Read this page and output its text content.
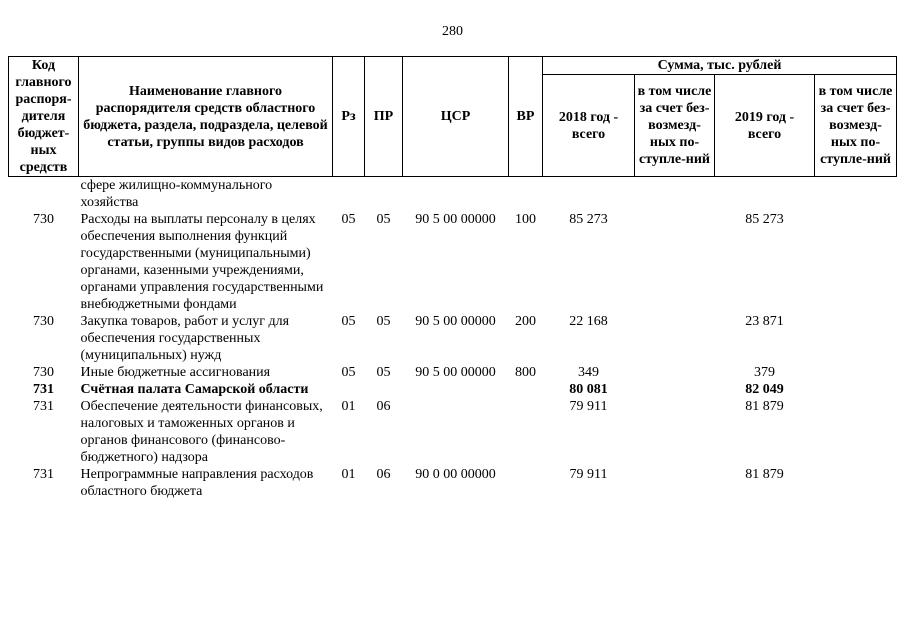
280
Код главного распоря-дителя бюджет-ных средств	Наименование главного распорядителя средств областного бюджета, раздела, подраздела, целевой статьи, группы видов расходов	Рз	ПР	ЦСР	ВР	Сумма, тыс. рублей			
						2018 год - всего	в том числе за счет без-возмезд-ных по-ступле-ний	2019 год - всего	в том числе за счет без-возмезд-ных по-ступле-ний
	сфере жилищно-коммунального хозяйства								
730	Расходы на выплаты персоналу в целях обеспечения выполнения функций государственными (муниципальными) органами, казенными учреждениями, органами управления государственными внебюджетными фондами	05	05	90 5 00 00000	100	85 273		85 273	
730	Закупка товаров, работ и услуг для обеспечения государственных (муниципальных) нужд	05	05	90 5 00 00000	200	22 168		23 871	
730	Иные бюджетные ассигнования	05	05	90 5 00 00000	800	349		379	
731	Счётная палата Самарской области					80 081		82 049	
731	Обеспечение деятельности финансовых, налоговых и таможенных органов и органов финансового (финансово-бюджетного) надзора	01	06			79 911		81 879	
731	Непрограммные направления расходов областного бюджета	01	06	90 0 00 00000		79 911		81 879	
